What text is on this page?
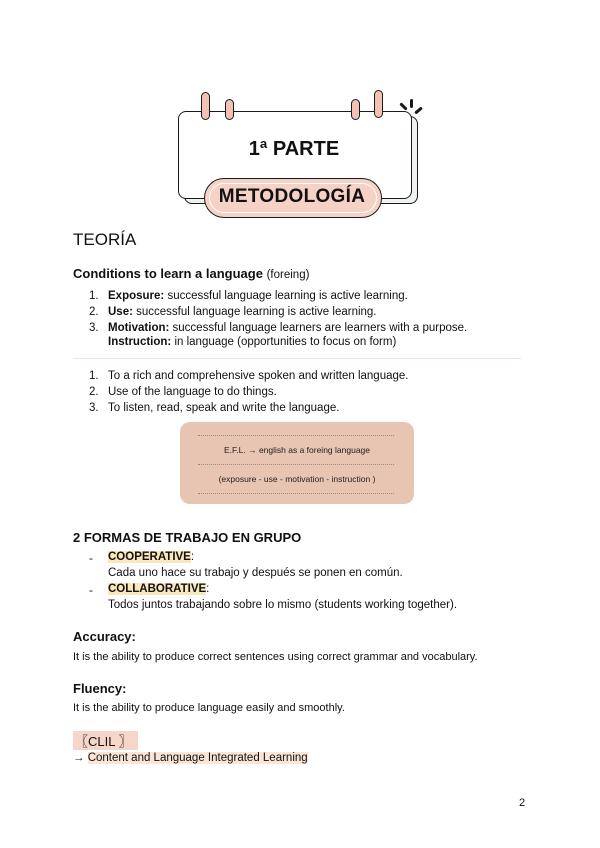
1ª PARTE
METODOLOGÍA
TEORÍA
Conditions to learn a language (foreing)
1. Exposure: successful language learning is active learning.
2. Use: successful language learning is active learning.
3. Motivation: successful language learners are learners with a purpose.
Instruction: in language (opportunities to focus on form)
1. To a rich and comprehensive spoken and written language.
2. Use of the language to do things.
3. To listen, read, speak and write the language.
E.F.L. → english as a foreing language
(exposure - use - motivation - instruction )
2 FORMAS DE TRABAJO EN GRUPO
- COOPERATIVE:
Cada uno hace su trabajo y después se ponen en común.
- COLLABORATIVE:
Todos juntos trabajando sobre lo mismo (students working together).
Accuracy:
It is the ability to produce correct sentences using correct grammar and vocabulary.
Fluency:
It is the ability to produce language easily and smoothly.
〖CLIL 〗
→ Content and Language Integrated Learning
2
